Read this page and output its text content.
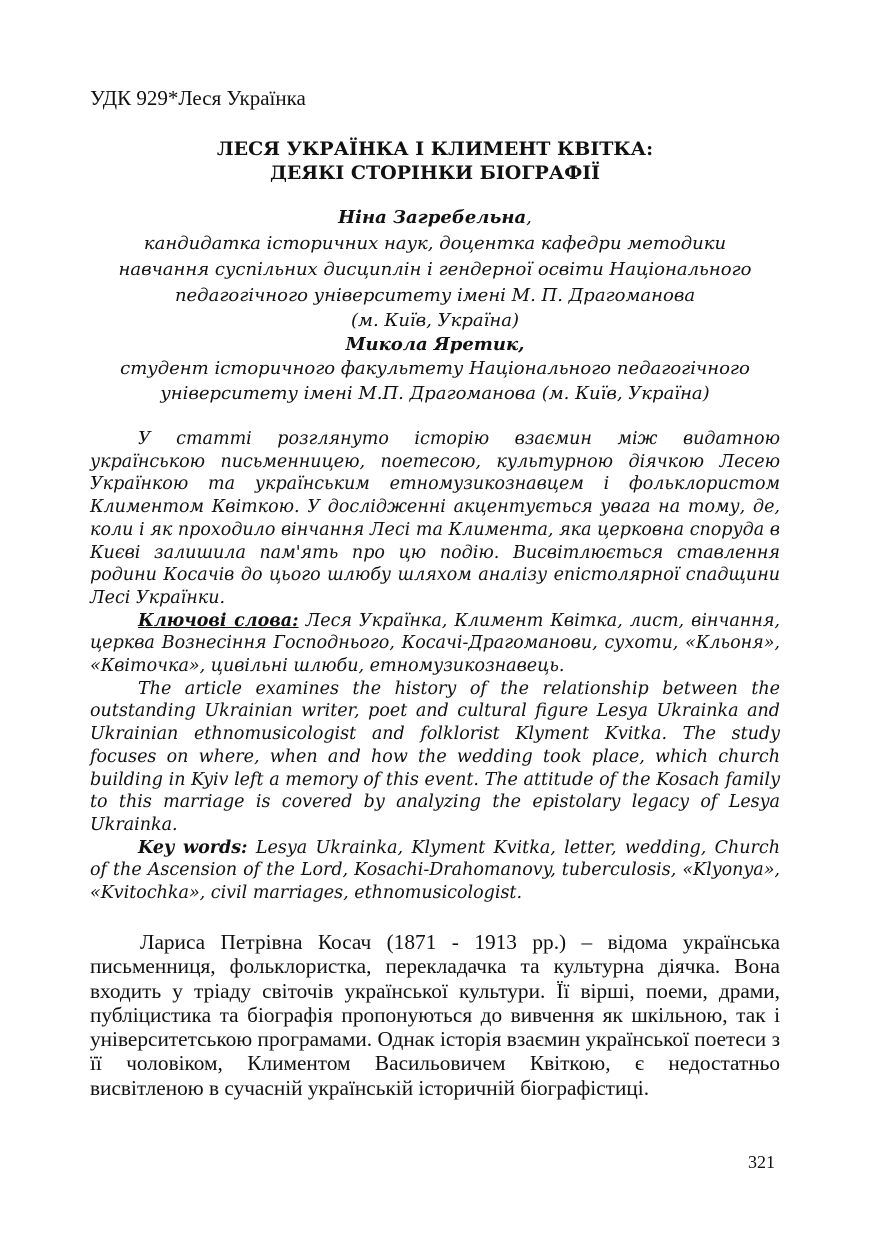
УДК 929*Леся Українка
ЛЕСЯ УКРАЇНКА І КЛИМЕНТ КВІТКА:
ДЕЯКІ СТОРІНКИ БІОГРАФІЇ
Ніна Загребельна,
кандидатка історичних наук, доцентка кафедри методики
навчання суспільних дисциплін і гендерної освіти Національного
педагогічного університету імені М. П. Драгоманова
(м. Київ, Україна)
Микола Яретик,
студент історичного факультету Національного педагогічного
університету імені М.П. Драгоманова (м. Київ, Україна)

У статті розглянуто історію взаємин між видатною українською письменницею, поетесою, культурною діячкою Лесею Українкою та українським етномузикознавцем і фольклористом Климентом Квіткою. У дослідженні акцентується увага на тому, де, коли і як проходило вінчання Лесі та Климента, яка церковна споруда в Києві залишила пам'ять про цю подію. Висвітлюється ставлення родини Косачів до цього шлюбу шляхом аналізу епістолярної спадщини Лесі Українки.

Ключові слова: Леся Українка, Климент Квітка, лист, вінчання, церква Вознесіння Господнього, Косачі-Драгоманови, сухоти, «Кльоня», «Квіточка», цивільні шлюби, етномузикознавець.

The article examines the history of the relationship between the outstanding Ukrainian writer, poet and cultural figure Lesya Ukrainka and Ukrainian ethnomusicologist and folklorist Klyment Kvitka. The study focuses on where, when and how the wedding took place, which church building in Kyiv left a memory of this event. The attitude of the Kosach family to this marriage is covered by analyzing the epistolary legacy of Lesya Ukrainka.

Key words: Lesya Ukrainka, Klyment Kvitka, letter, wedding, Church of the Ascension of the Lord, Kosachi-Drahomanovy, tuberculosis, «Klyonya», «Kvitochka», civil marriages, ethnomusicologist.

Лариса Петрівна Косач (1871 - 1913 рр.) – відома українська письменниця, фольклористка, перекладачка та культурна діячка. Вона входить у тріаду світочів української культури. Її вірші, поеми, драми, публіцистика та біографія пропонуються до вивчення як шкільною, так і університетською програмами. Однак історія взаємин української поетеси з її чоловіком, Климентом Васильовичем Квіткою, є недостатньо висвітленою в сучасній українській історичній біографістиці.

321
